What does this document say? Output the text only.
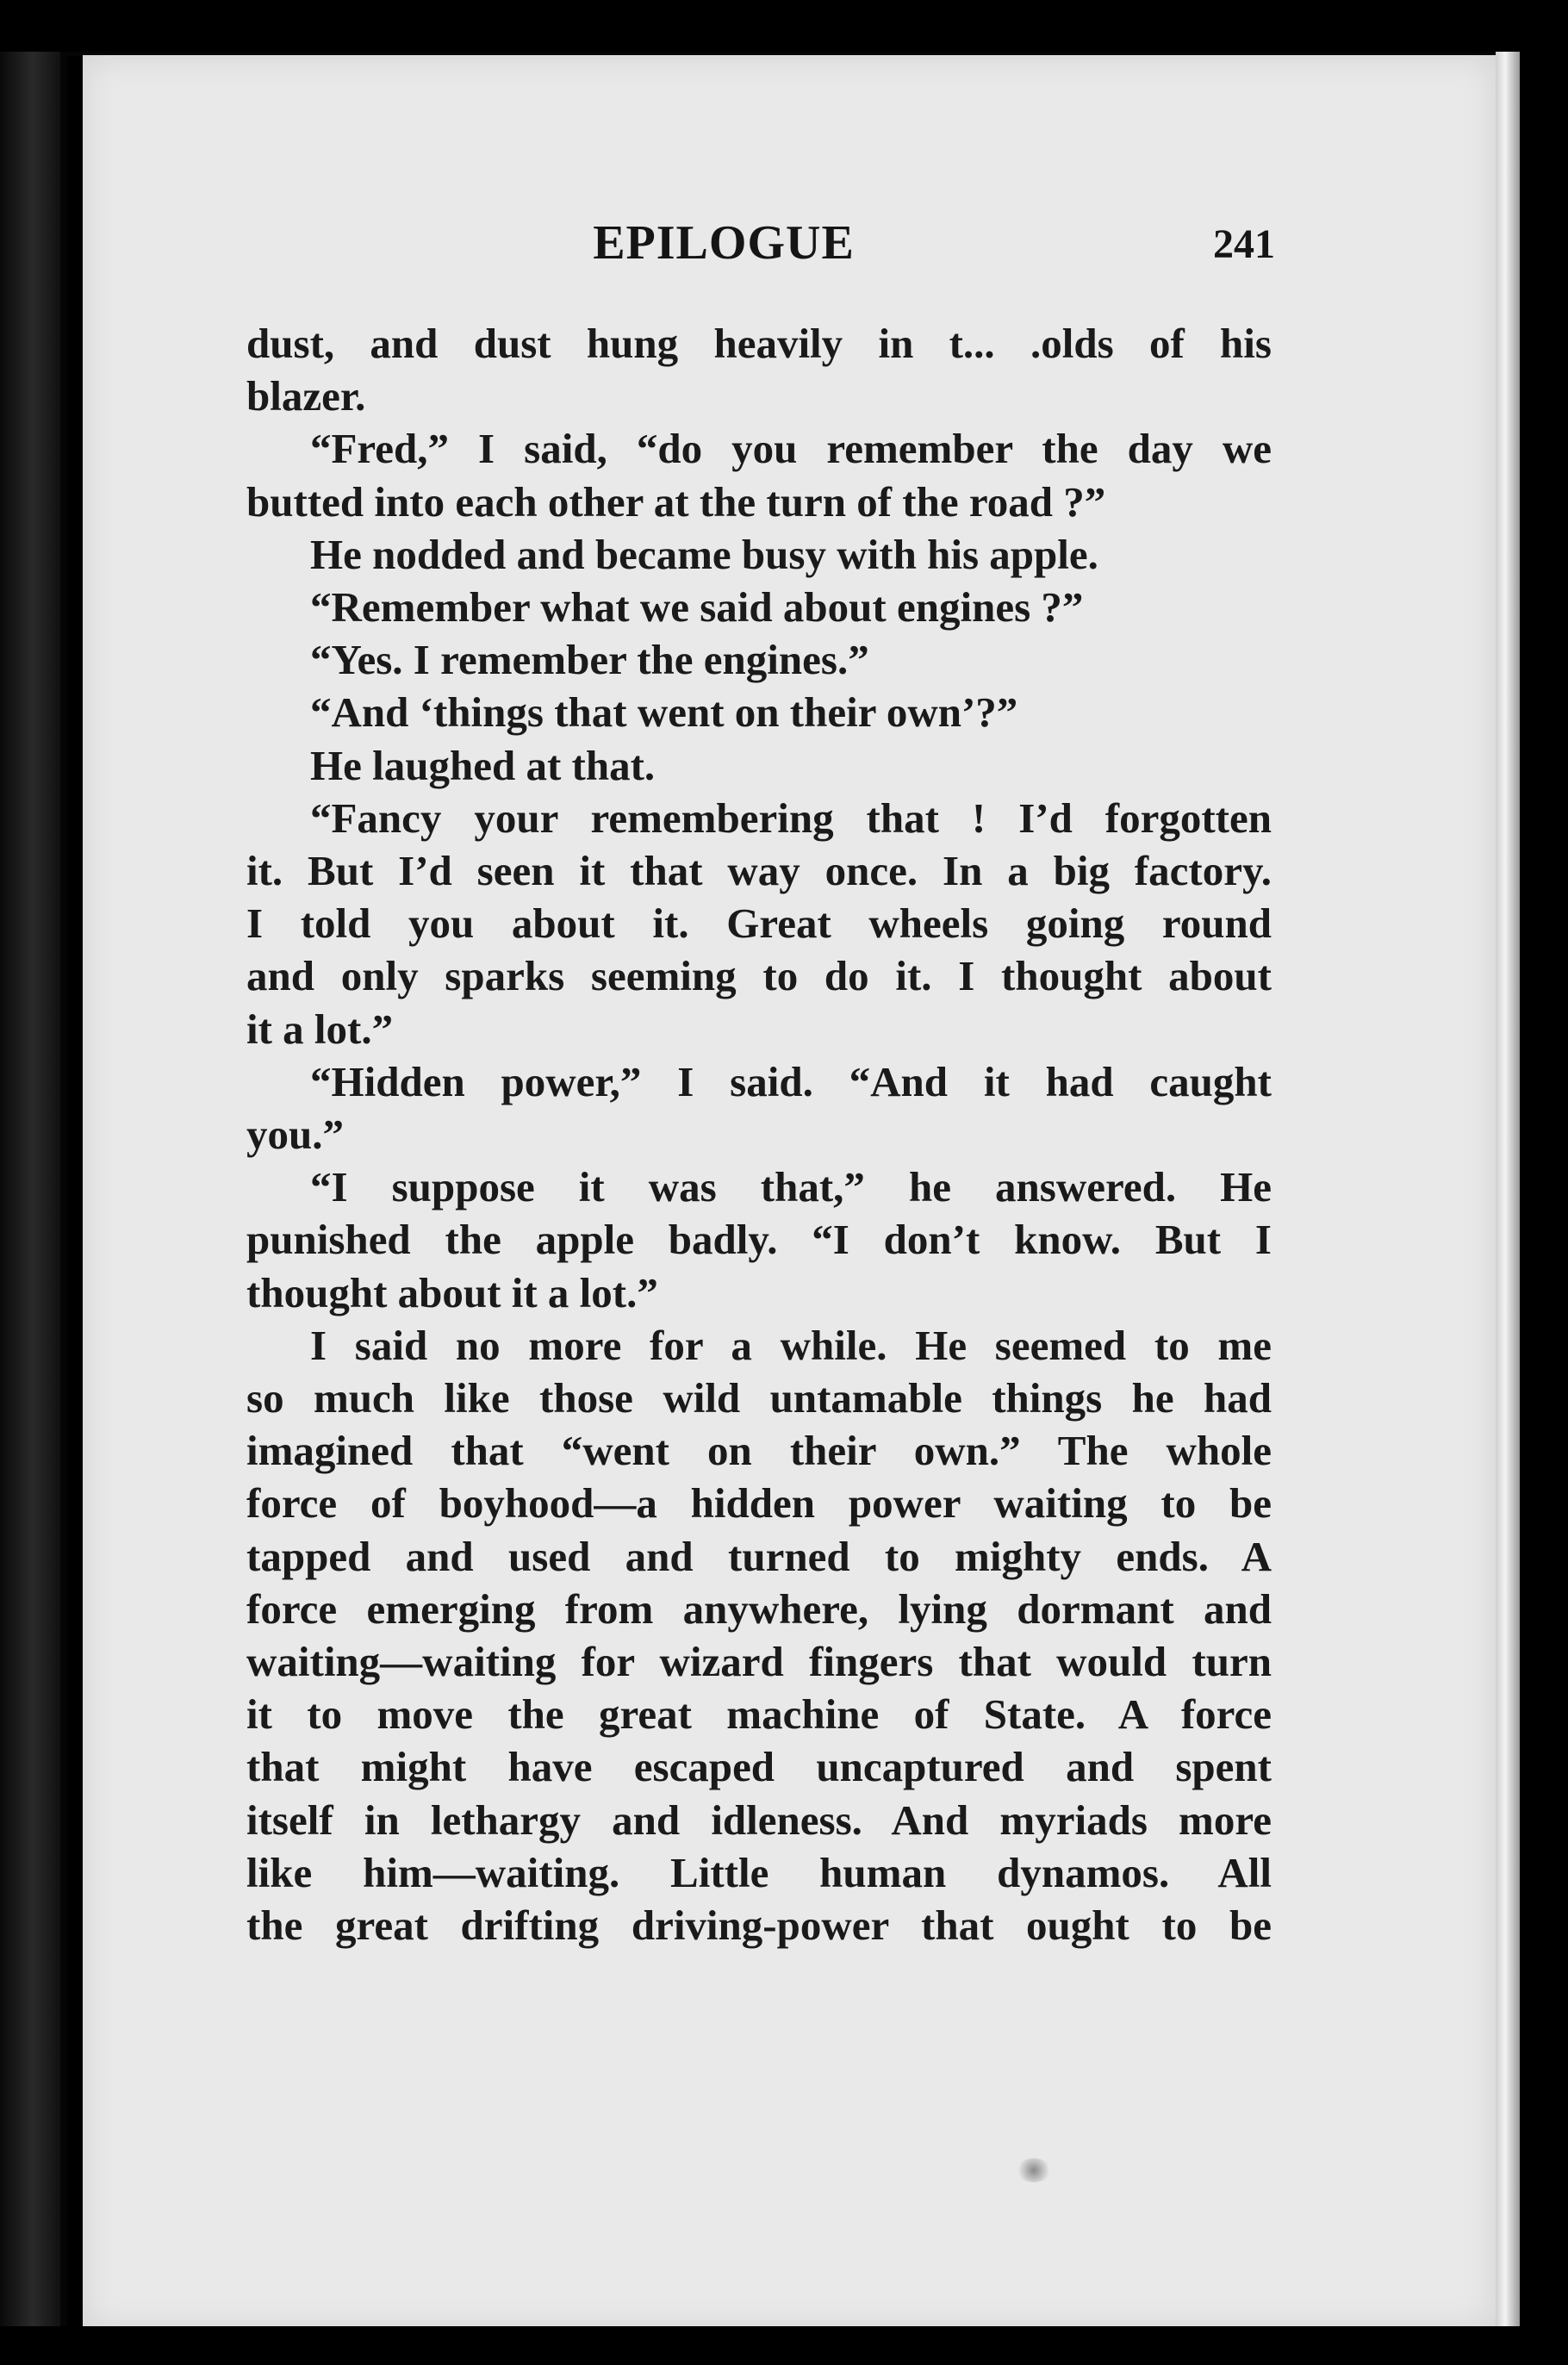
EPILOGUE	241
dust, and dust hung heavily in t... .olds of his
blazer.
“Fred,” I said, “do you remember the day we
butted into each other at the turn of the road ?”
He nodded and became busy with his apple.
“Remember what we said about engines ?”
“Yes. I remember the engines.”
“And ‘things that went on their own’?”
He laughed at that.
“Fancy your remembering that ! I’d forgotten
it. But I’d seen it that way once. In a big factory.
I told you about it. Great wheels going round
and only sparks seeming to do it. I thought about
it a lot.”
“Hidden power,” I said. “And it had caught
you.”
“I suppose it was that,” he answered. He
punished the apple badly. “I don’t know. But I
thought about it a lot.”
I said no more for a while. He seemed to me
so much like those wild untamable things he had
imagined that “went on their own.” The whole
force of boyhood—a hidden power waiting to be
tapped and used and turned to mighty ends. A
force emerging from anywhere, lying dormant and
waiting—waiting for wizard fingers that would turn
it to move the great machine of State. A force
that might have escaped uncaptured and spent
itself in lethargy and idleness. And myriads more
like him—waiting. Little human dynamos. All
the great drifting driving-power that ought to be
